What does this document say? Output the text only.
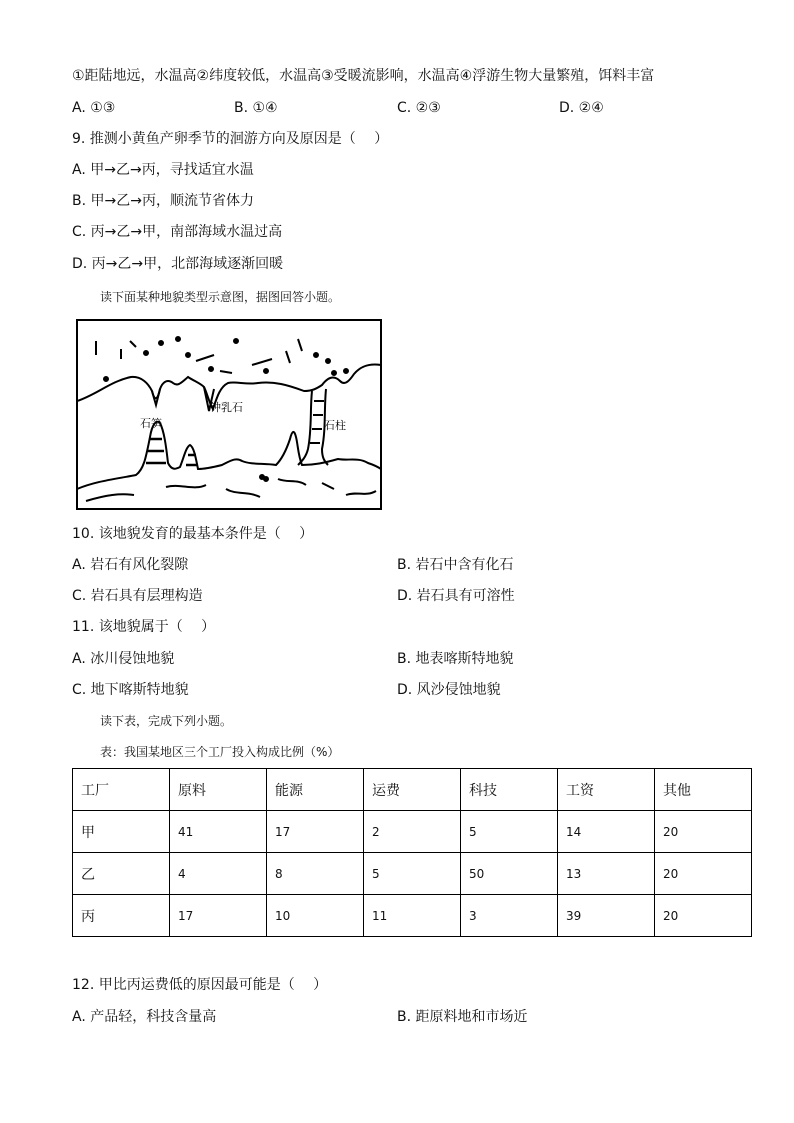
①距陆地远，水温高②纬度较低，水温高③受暖流影响，水温高④浮游生物大量繁殖，饵料丰富
A. ①③	B. ①④	C. ②③	D. ②④
9. 推测小黄鱼产卵季节的洄游方向及原因是（　 ）
A. 甲→乙→丙，寻找适宜水温
B. 甲→乙→丙，顺流节省体力
C. 丙→乙→甲，南部海域水温过高
D. 丙→乙→甲，北部海域逐渐回暖
读下面某种地貌类型示意图，据图回答小题。
钟乳石
石笋	石柱
10. 该地貌发育的最基本条件是（　 ）
A. 岩石有风化裂隙	B. 岩石中含有化石
C. 岩石具有层理构造	D. 岩石具有可溶性
11. 该地貌属于（　 ）
A. 冰川侵蚀地貌	B. 地表喀斯特地貌
C. 地下喀斯特地貌	D. 风沙侵蚀地貌
读下表，完成下列小题。
表：我国某地区三个工厂投入构成比例（%）
工厂	原料	能源	运费	科技	工资	其他
甲	41	17	2	5	14	20
乙	4	8	5	50	13	20
丙	17	10	11	3	39	20
12. 甲比丙运费低的原因最可能是（　 ）
A. 产品轻，科技含量高	B. 距原料地和市场近
